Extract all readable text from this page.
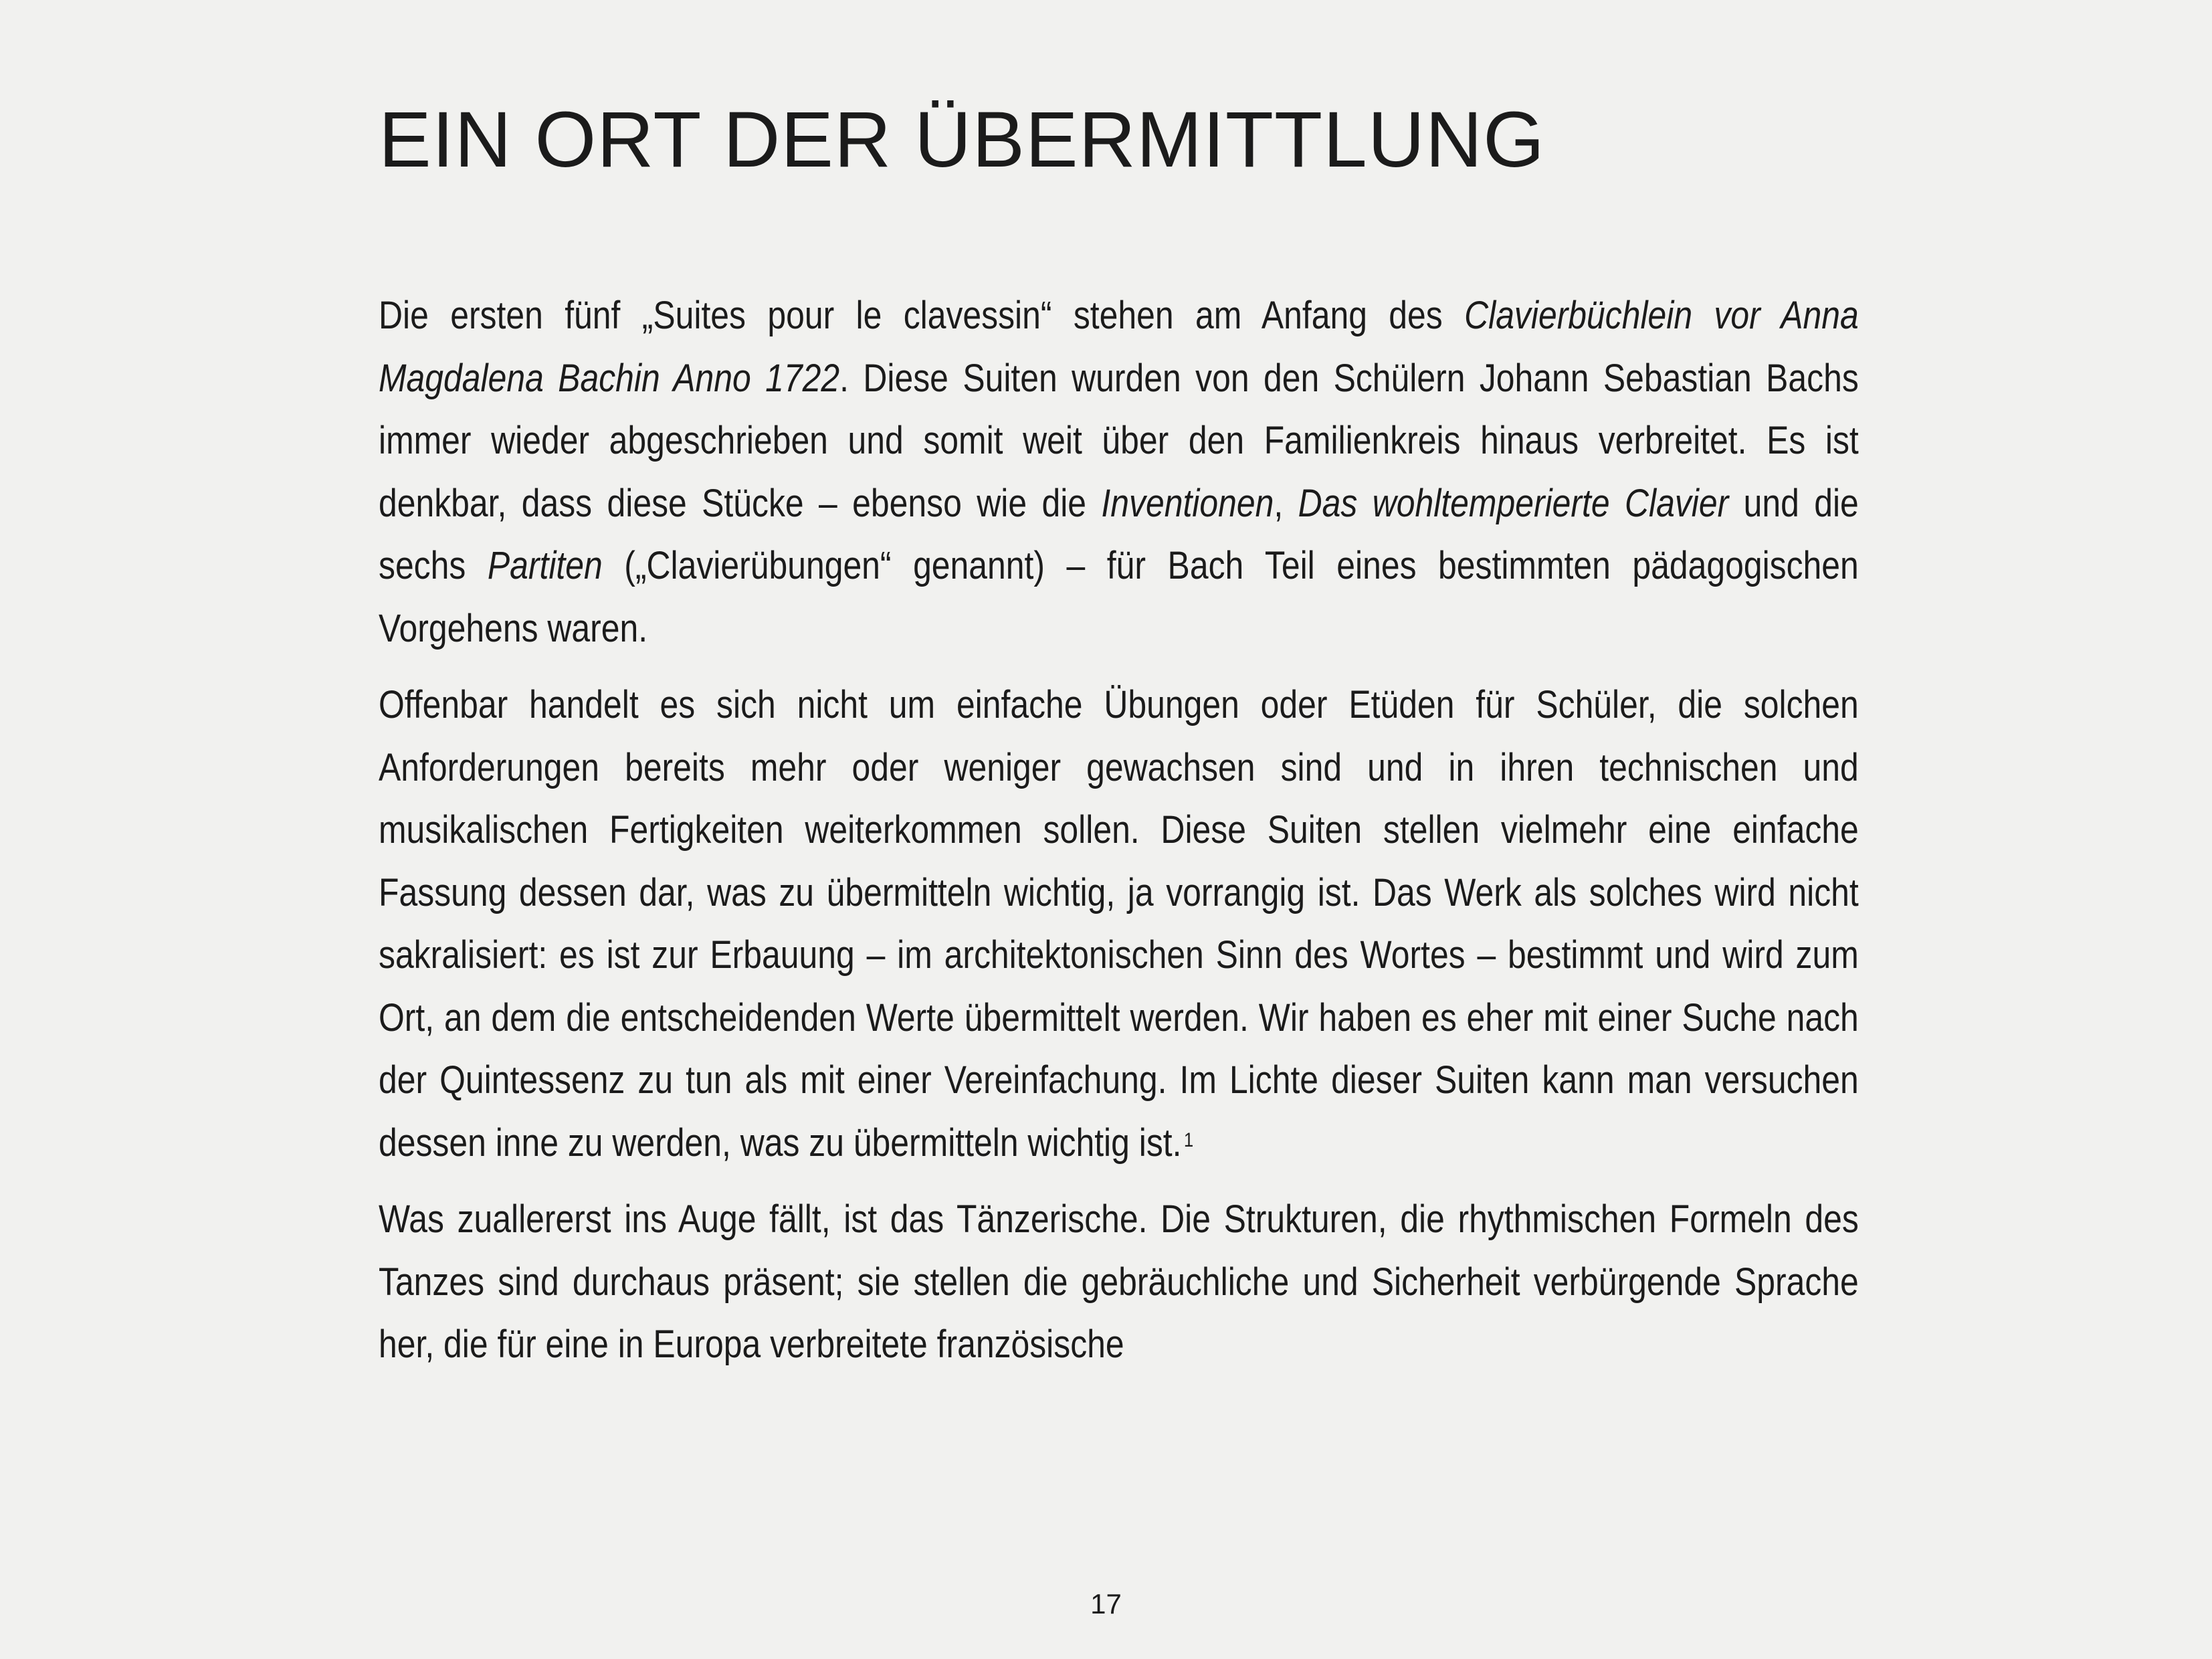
EIN ORT DER ÜBERMITTLUNG

Die ersten fünf „Suites pour le clavessin“ stehen am Anfang des Clavierbüchlein vor Anna Magdalena Bachin Anno 1722. Diese Suiten wurden von den Schülern Johann Sebastian Bachs immer wieder abgeschrieben und somit weit über den Familienkreis hinaus verbreitet. Es ist denkbar, dass diese Stücke – ebenso wie die Inventionen, Das wohltemperierte Clavier und die sechs Partiten („Clavierübungen“ genannt) – für Bach Teil eines bestimmten pädagogischen Vorgehens waren.

Offenbar handelt es sich nicht um einfache Übungen oder Etüden für Schüler, die solchen Anforderungen bereits mehr oder weniger gewachsen sind und in ihren technischen und musikalischen Fertigkeiten weiterkommen sollen. Diese Suiten stellen vielmehr eine einfache Fassung dessen dar, was zu übermitteln wichtig, ja vorrangig ist. Das Werk als solches wird nicht sakralisiert: es ist zur Erbauung – im architektonischen Sinn des Wortes – bestimmt und wird zum Ort, an dem die entscheidenden Werte übermittelt werden. Wir haben es eher mit einer Suche nach der Quintessenz zu tun als mit einer Vereinfachung. Im Lichte dieser Suiten kann man versuchen dessen inne zu werden, was zu übermitteln wichtig ist. $^1$

Was zuallererst ins Auge fällt, ist das Tänzerische. Die Strukturen, die rhythmischen Formeln des Tanzes sind durchaus präsent; sie stellen die gebräuchliche und Sicherheit verbürgende Sprache her, die für eine in Europa verbreitete französische

17
